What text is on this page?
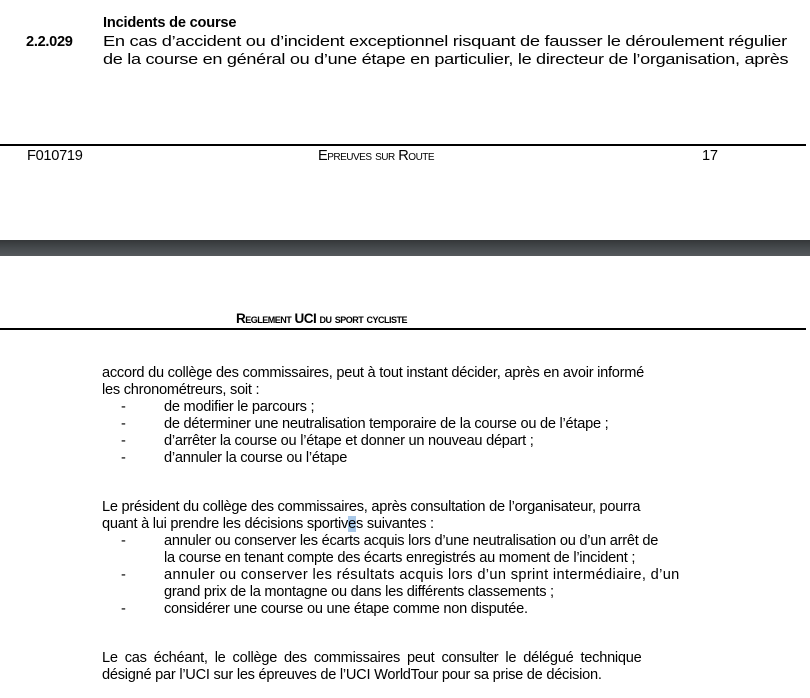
Incidents de course
2.2.029 En cas d’accident ou d’incident exceptionnel risquant de fausser le déroulement régulier
de la course en général ou d’une étape en particulier, le directeur de l’organisation, après
F010719	Epreuves sur Route	17
Reglement UCI du sport cycliste
accord du collège des commissaires, peut à tout instant décider, après en avoir informé
les chronométreurs, soit :
-	de modifier le parcours ;
-	de déterminer une neutralisation temporaire de la course ou de l’étape ;
-	d’arrêter la course ou l’étape et donner un nouveau départ ;
-	d’annuler la course ou l’étape
Le président du collège des commissaires, après consultation de l’organisateur, pourra
quant à lui prendre les décisions sportives suivantes :
-	annuler ou conserver les écarts acquis lors d’une neutralisation ou d’un arrêt de
la course en tenant compte des écarts enregistrés au moment de l’incident ;
-	annuler ou conserver les résultats acquis lors d’un sprint intermédiaire, d’un
grand prix de la montagne ou dans les différents classements ;
-	considérer une course ou une étape comme non disputée.
Le cas échéant, le collège des commissaires peut consulter le délégué technique
désigné par l’UCI sur les épreuves de l’UCI WorldTour pour sa prise de décision.
